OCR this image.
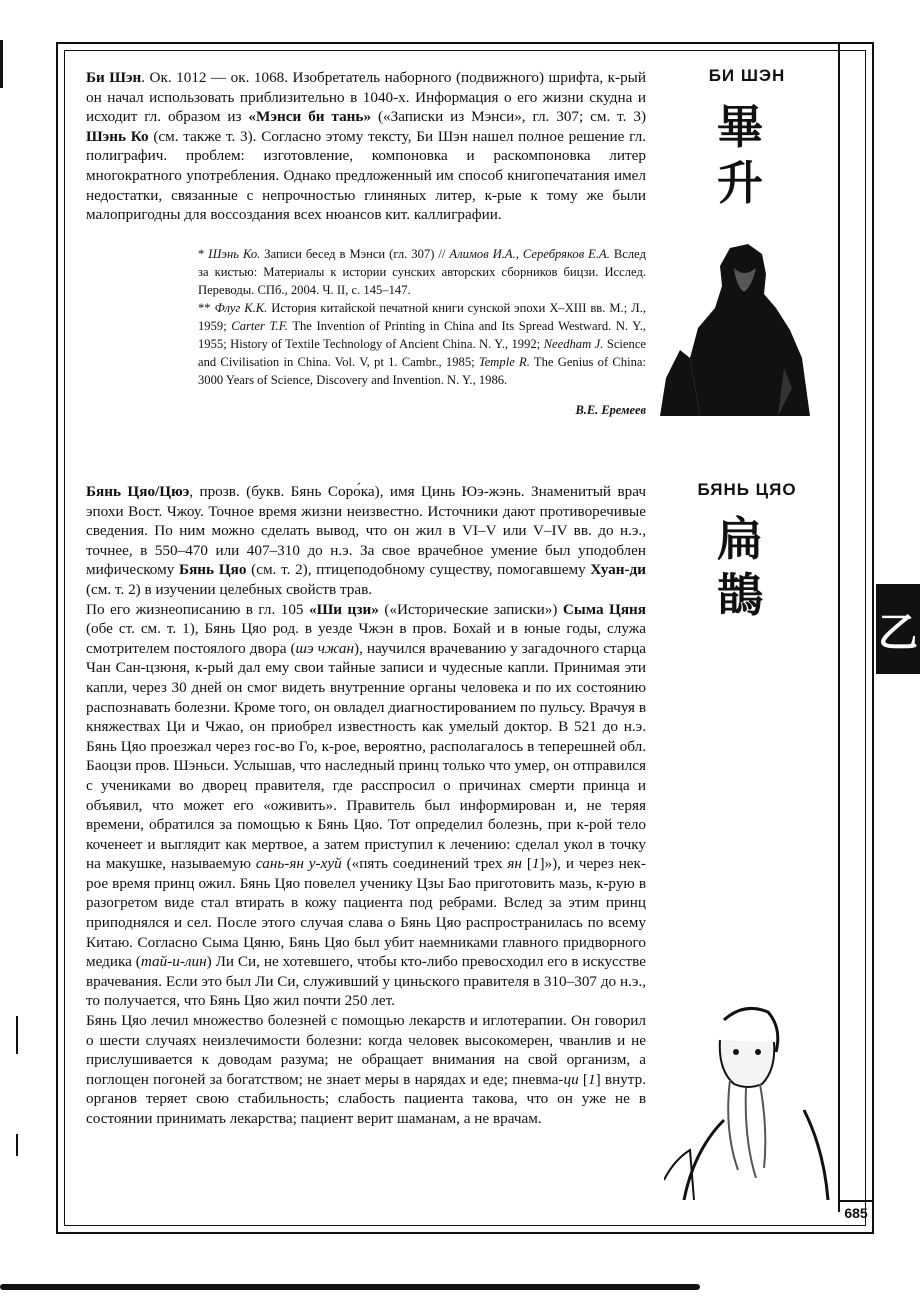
Би Шэн. Ок. 1012 — ок. 1068. Изобретатель наборного (подвижного) шрифта, к-рый он начал использовать приблизительно в 1040-х. Информация о его жизни скудна и исходит гл. образом из «Мэнси би тань» («Записки из Мэнси», гл. 307; см. т. 3) Шэнь Ко (см. также т. 3). Согласно этому тексту, Би Шэн нашел полное решение гл. полиграфич. проблем: изготовление, компоновка и раскомпоновка литер многократного употребления. Однако предложенный им способ книгопечатания имел недостатки, связанные с непрочностью глиняных литер, к-рые к тому же были малопригодны для воссоздания всех нюансов кит. каллиграфии.

* Шэнь Ко. Записи бесед в Мэнси (гл. 307) // Алимов И.А., Серебряков Е.А. Вслед за кистью: Материалы к истории сунских авторских сборников бицзи. Исслед. Переводы. СПб., 2004. Ч. II, с. 145–147.

** Флуг К.К. История китайской печатной книги сунской эпохи X–XIII вв. М.; Л., 1959; Carter T.F. The Invention of Printing in China and Its Spread Westward. N. Y., 1955; History of Textile Technology of Ancient China. N. Y., 1992; Needham J. Science and Civilisation in China. Vol. V, pt 1. Cambr., 1985; Temple R. The Genius of China: 3000 Years of Science, Discovery and Invention. N. Y., 1986.

В.Е. Еремеев
БИ ШЭН
畢
升

Бянь Цяо/Цюэ, прозв. (букв. Бянь Соро́ка), имя Цинь Юэ-жэнь. Знаменитый врач эпохи Вост. Чжоу. Точное время жизни неизвестно. Источники дают противоречивые сведения. По ним можно сделать вывод, что он жил в VI–V или V–IV вв. до н.э., точнее, в 550–470 или 407–310 до н.э. За свое врачебное умение был уподоблен мифическому Бянь Цяо (см. т. 2), птицеподобному существу, помогавшему Хуан-ди (см. т. 2) в изучении целебных свойств трав.

По его жизнеописанию в гл. 105 «Ши цзи» («Исторические записки») Сыма Цяня (обе ст. см. т. 1), Бянь Цяо род. в уезде Чжэн в пров. Бохай и в юные годы, служа смотрителем постоялого двора (шэ чжан), научился врачеванию у загадочного старца Чан Сан-цзюня, к-рый дал ему свои тайные записи и чудесные капли. Принимая эти капли, через 30 дней он смог видеть внутренние органы человека и по их состоянию распознавать болезни. Кроме того, он овладел диагностированием по пульсу. Врачуя в княжествах Ци и Чжао, он приобрел известность как умелый доктор. В 521 до н.э. Бянь Цяо проезжал через гос-во Го, к-рое, вероятно, располагалось в теперешней обл. Баоцзи пров. Шэньси. Услышав, что наследный принц только что умер, он отправился с учениками во дворец правителя, где расспросил о причинах смерти принца и объявил, что может его «оживить». Правитель был информирован и, не теряя времени, обратился за помощью к Бянь Цяо. Тот определил болезнь, при к-рой тело коченеет и выглядит как мертвое, а затем приступил к лечению: сделал укол в точку на макушке, называемую сань-ян у-хуй («пять соединений трех ян [1]»), и через нек-рое время принц ожил. Бянь Цяо повелел ученику Цзы Бао приготовить мазь, к-рую в разогретом виде стал втирать в кожу пациента под ребрами. Вслед за этим принц приподнялся и сел. После этого случая слава о Бянь Цяо распространилась по всему Китаю. Согласно Сыма Цяню, Бянь Цяо был убит наемниками главного придворного медика (тай-и-лин) Ли Си, не хотевшего, чтобы кто-либо превосходил его в искусстве врачевания. Если это был Ли Си, служивший у циньского правителя в 310–307 до н.э., то получается, что Бянь Цяо жил почти 250 лет.

Бянь Цяо лечил множество болезней с помощью лекарств и иглотерапии. Он говорил о шести случаях неизлечимости болезни: когда человек высокомерен, чванлив и не прислушивается к доводам разума; не обращает внимания на свой организм, а поглощен погоней за богатством; не знает меры в нарядах и еде; пневма-ци [1] внутр. органов теряет свою стабильность; слабость пациента такова, что он уже не в состоянии принимать лекарства; пациент верит шаманам, а не врачам.

БЯНЬ ЦЯО
扁
鵲
乙
685
